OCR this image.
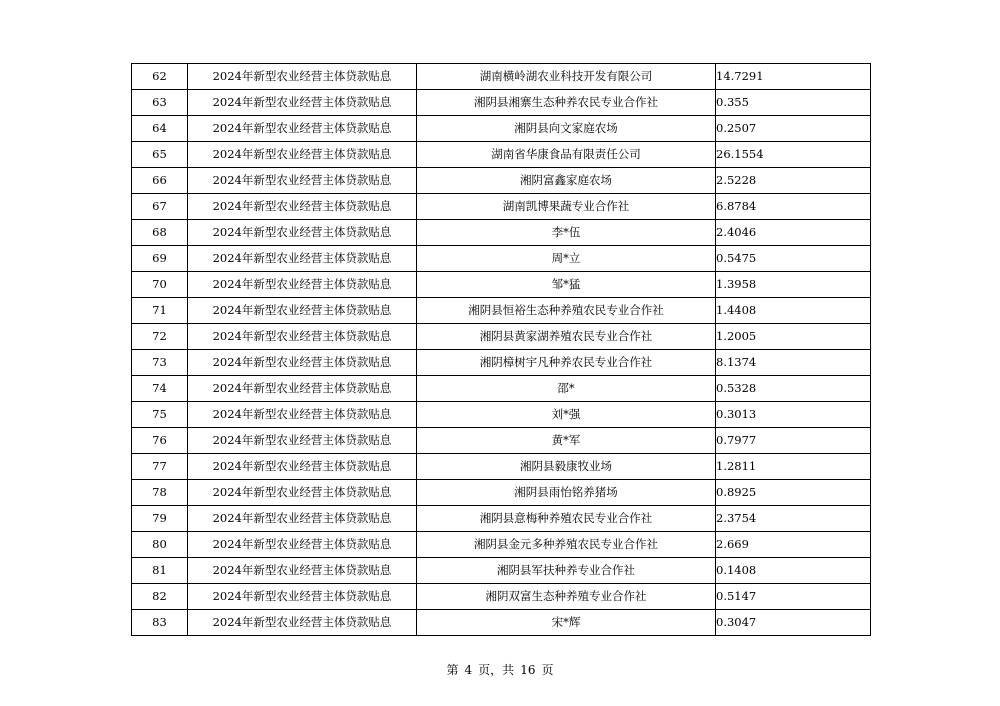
62	2024年新型农业经营主体贷款贴息	湖南横岭湖农业科技开发有限公司	14.7291
63	2024年新型农业经营主体贷款贴息	湘阴县湘寨生态种养农民专业合作社	0.355
64	2024年新型农业经营主体贷款贴息	湘阴县向文家庭农场	0.2507
65	2024年新型农业经营主体贷款贴息	湖南省华康食品有限责任公司	26.1554
66	2024年新型农业经营主体贷款贴息	湘阴富鑫家庭农场	2.5228
67	2024年新型农业经营主体贷款贴息	湖南凯博果蔬专业合作社	6.8784
68	2024年新型农业经营主体贷款贴息	李*伍	2.4046
69	2024年新型农业经营主体贷款贴息	周*立	0.5475
70	2024年新型农业经营主体贷款贴息	邹*猛	1.3958
71	2024年新型农业经营主体贷款贴息	湘阴县恒裕生态种养殖农民专业合作社	1.4408
72	2024年新型农业经营主体贷款贴息	湘阴县黄家湖养殖农民专业合作社	1.2005
73	2024年新型农业经营主体贷款贴息	湘阴樟树宇凡种养农民专业合作社	8.1374
74	2024年新型农业经营主体贷款贴息	邵*	0.5328
75	2024年新型农业经营主体贷款贴息	刘*强	0.3013
76	2024年新型农业经营主体贷款贴息	黄*军	0.7977
77	2024年新型农业经营主体贷款贴息	湘阴县毅康牧业场	1.2811
78	2024年新型农业经营主体贷款贴息	湘阴县雨怡铭养猪场	0.8925
79	2024年新型农业经营主体贷款贴息	湘阴县意梅种养殖农民专业合作社	2.3754
80	2024年新型农业经营主体贷款贴息	湘阴县金元多种养殖农民专业合作社	2.669
81	2024年新型农业经营主体贷款贴息	湘阴县军扶种养专业合作社	0.1408
82	2024年新型农业经营主体贷款贴息	湘阴双富生态种养殖专业合作社	0.5147
83	2024年新型农业经营主体贷款贴息	宋*辉	0.3047
第 4 页，共 16 页
